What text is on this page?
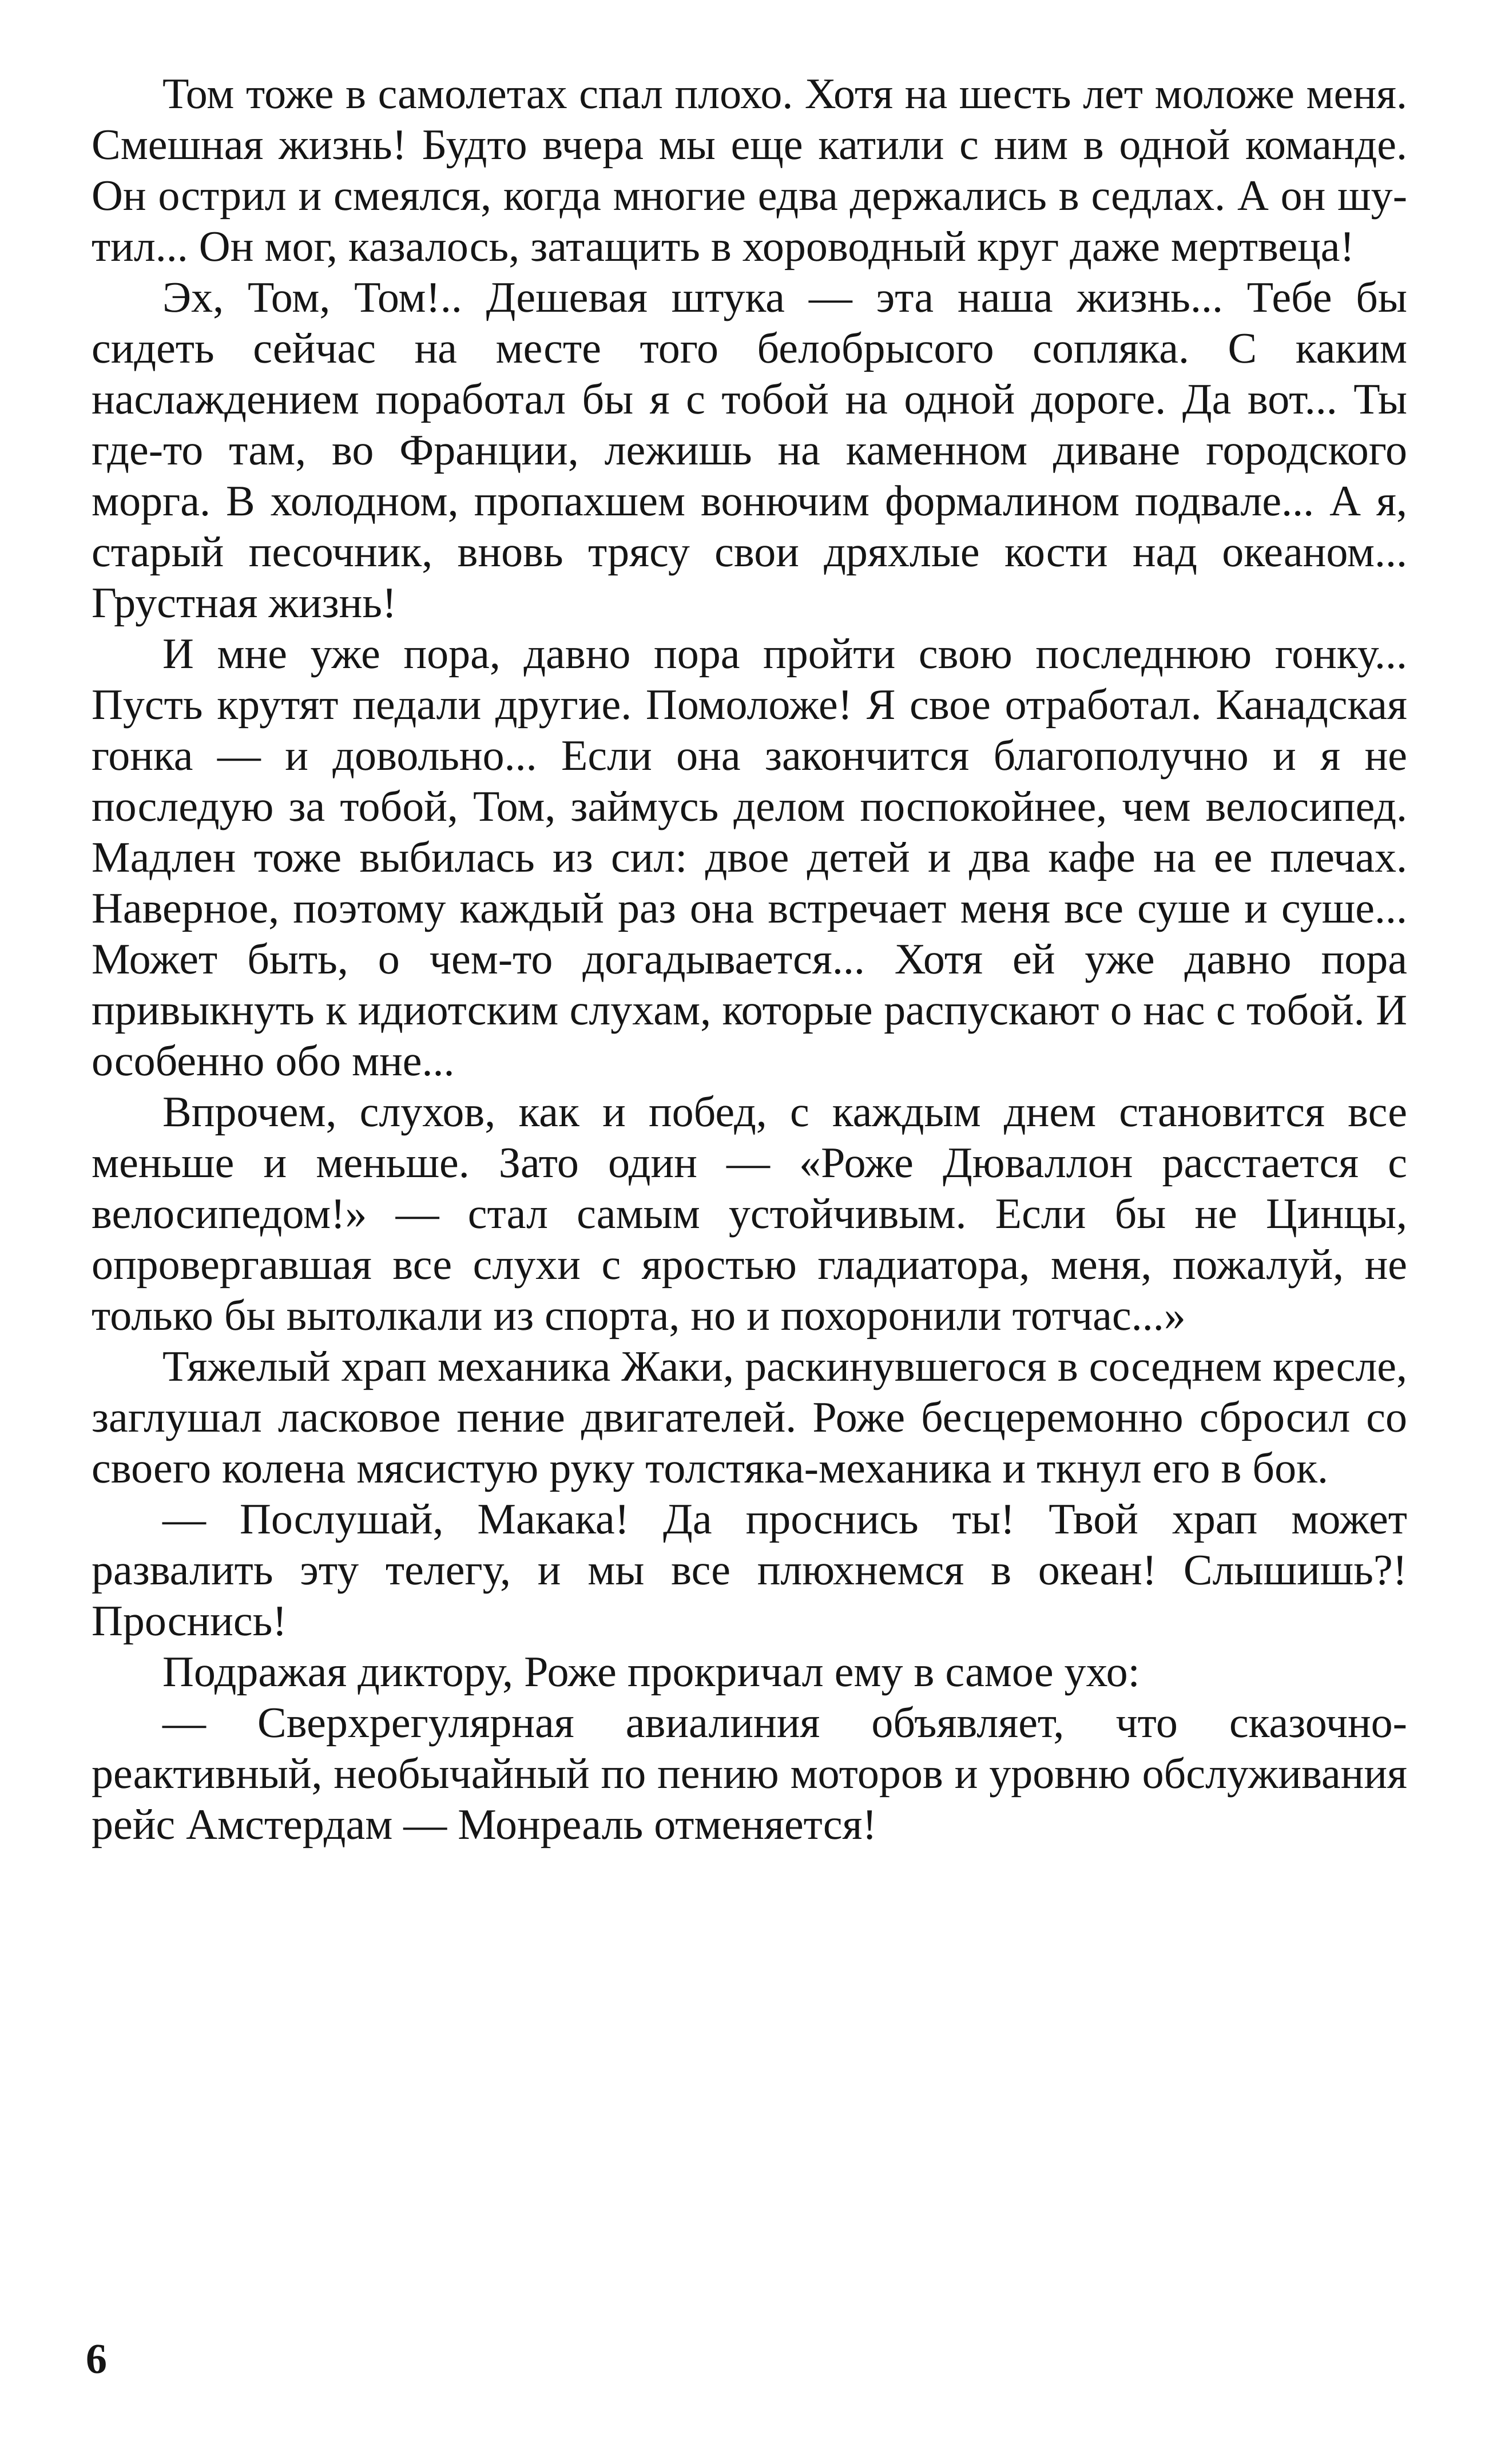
Том тоже в самолетах спал плохо. Хотя на шесть лет моложе меня. Смешная жизнь! Будто вчера мы еще катили с ним в одной команде. Он острил и смеялся, когда многие едва держались в седлах. А он шутил... Он мог, казалось, затащить в хороводный круг даже мертвеца!

Эх, Том, Том!.. Дешевая штука — эта наша жизнь... Тебе бы сидеть сейчас на месте того белобрысого сопляка. С каким наслаждением поработал бы я с тобой на одной дороге. Да вот... Ты где-то там, во Франции, лежишь на каменном диване городского морга. В холодном, пропахшем вонючим формалином подвале... А я, старый песочник, вновь трясу свои дряхлые кости над океаном... Грустная жизнь!

И мне уже пора, давно пора пройти свою последнюю гонку... Пусть крутят педали другие. Помоложе! Я свое отработал. Канадская гонка — и довольно... Если она закончится благополучно и я не последую за тобой, Том, займусь делом поспокойнее, чем велосипед. Мадлен тоже выбилась из сил: двое детей и два кафе на ее плечах. Наверное, поэтому каждый раз она встречает меня все суше и суше... Может быть, о чем-то догадывается... Хотя ей уже давно пора привыкнуть к идиотским слухам, которые распускают о нас с тобой. И особенно обо мне...

Впрочем, слухов, как и побед, с каждым днем становится все меньше и меньше. Зато один — «Роже Дюваллон расстается с велосипедом!» — стал самым устойчивым. Если бы не Цинцы, опровергавшая все слухи с яростью гладиатора, меня, пожалуй, не только бы вытолкали из спорта, но и похоронили тотчас...»

Тяжелый храп механика Жаки, раскинувшегося в соседнем кресле, заглушал ласковое пение двигателей. Роже бесцеремонно сбросил со своего колена мясистую руку толстяка-механика и ткнул его в бок.

— Послушай, Макака! Да проснись ты! Твой храп может развалить эту телегу, и мы все плюхнемся в океан! Слышишь?! Проснись!

Подражая диктору, Роже прокричал ему в самое ухо:

— Сверхрегулярная авиалиния объявляет, что сказочно-реактивный, необычайный по пению моторов и уровню обслуживания рейс Амстердам — Монреаль отменяется!

6
